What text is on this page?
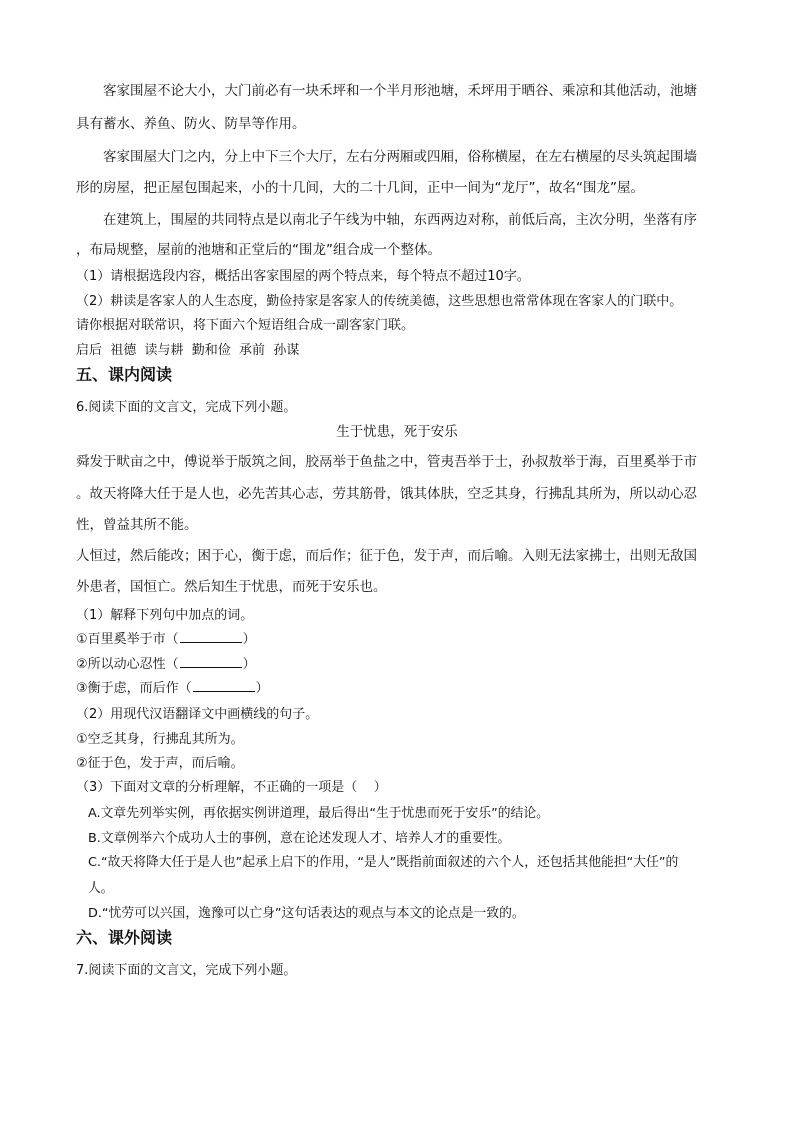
客家围屋不论大小，大门前必有一块禾坪和一个半月形池塘，禾坪用于晒谷、乘凉和其他活动，池塘

具有蓄水、养鱼、防火、防旱等作用。

客家围屋大门之内，分上中下三个大厅，左右分两厢或四厢，俗称横屋，在左右横屋的尽头筑起围墙

形的房屋，把正屋包围起来，小的十几间，大的二十几间，正中一间为“龙厅”，故名“围龙”屋。

在建筑上，围屋的共同特点是以南北子午线为中轴，东西两边对称，前低后高，主次分明，坐落有序

，布局规整，屋前的池塘和正堂后的“围龙”组合成一个整体。

（1）请根据选段内容，概括出客家围屋的两个特点来，每个特点不超过10字。

（2）耕读是客家人的人生态度，勤俭持家是客家人的传统美德，这些思想也常常体现在客家人的门联中。

请你根据对联常识，将下面六个短语组合成一副客家门联。

启后  祖德  读与耕  勤和俭  承前  孙谋

五、课内阅读

6.阅读下面的文言文，完成下列小题。

生于忧患，死于安乐

舜发于畎亩之中，傅说举于版筑之间，胶鬲举于鱼盐之中，管夷吾举于士，孙叔敖举于海，百里奚举于市

。故天将降大任于是人也，必先苦其心志，劳其筋骨，饿其体肤，空乏其身，行拂乱其所为，所以动心忍

性，曾益其所不能。

人恒过，然后能改；困于心，衡于虑，而后作；征于色，发于声，而后喻。入则无法家拂士，出则无敌国

外患者，国恒亡。然后知生于忧患，而死于安乐也。

（1）解释下列句中加点的词。

①百里奚举于市（	）

②所以动心忍性（	）

③衡于虑，而后作（	）

（2）用现代汉语翻译文中画横线的句子。

①空乏其身，行拂乱其所为。

②征于色，发于声，而后喻。

（3）下面对文章的分析理解，不正确的一项是（    ）

A.文章先列举实例，再依据实例讲道理，最后得出“生于忧患而死于安乐”的结论。

B.文章例举六个成功人士的事例，意在论述发现人才、培养人才的重要性。

C.“故天将降大任于是人也”起承上启下的作用，“是人”既指前面叙述的六个人，还包括其他能担“大任”的

人。

D.“忧劳可以兴国，逸豫可以亡身”这句话表达的观点与本文的论点是一致的。

六、课外阅读

7.阅读下面的文言文，完成下列小题。
